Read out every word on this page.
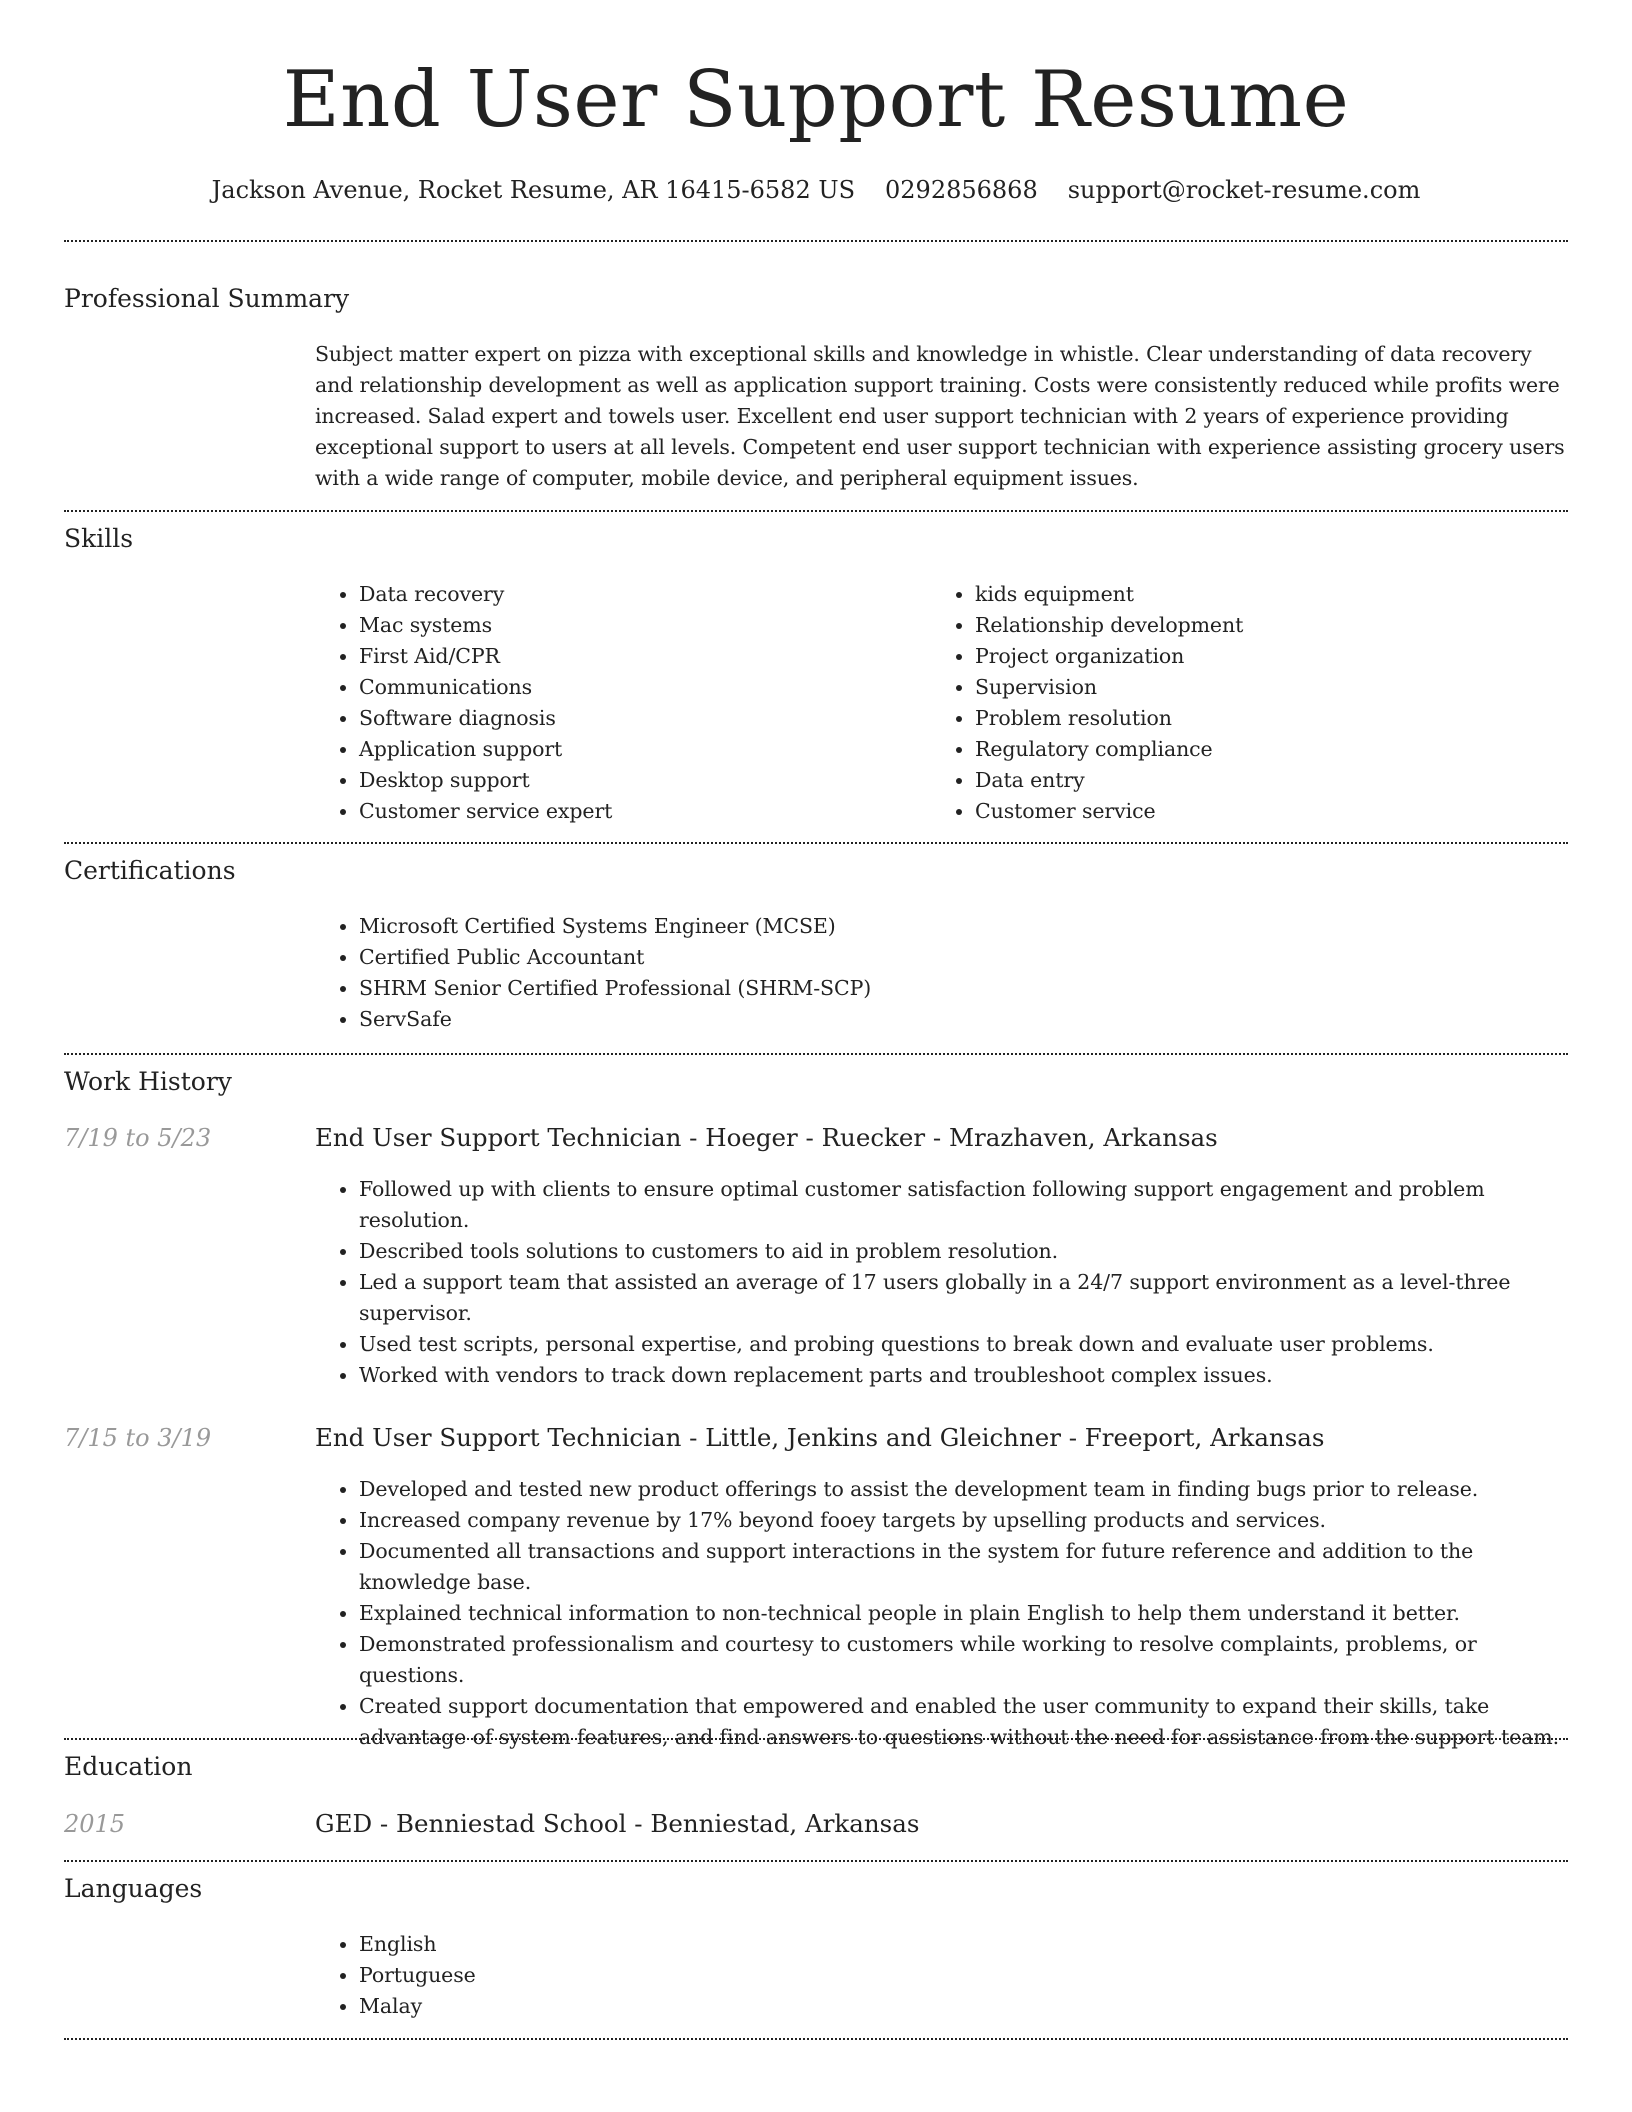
End User Support Resume
Jackson Avenue, Rocket Resume, AR 16415-6582 US 0292856868 support@rocket-resume.com
Professional Summary

Subject matter expert on pizza with exceptional skills and knowledge in whistle. Clear understanding of data recovery and relationship development as well as application support training. Costs were consistently reduced while profits were increased. Salad expert and towels user. Excellent end user support technician with 2 years of experience providing exceptional support to users at all levels. Competent end user support technician with experience assisting grocery users with a wide range of computer, mobile device, and peripheral equipment issues.

Skills
• Data recovery
• Mac systems
• First Aid/CPR
• Communications
• Software diagnosis
• Application support
• Desktop support
• Customer service expert
• kids equipment
• Relationship development
• Project organization
• Supervision
• Problem resolution
• Regulatory compliance
• Data entry
• Customer service
Certifications
• Microsoft Certified Systems Engineer (MCSE)
• Certified Public Accountant
• SHRM Senior Certified Professional (SHRM-SCP)
• ServSafe
Work History
7/19 to 5/23	End User Support Technician - Hoeger - Ruecker - Mrazhaven, Arkansas
• Followed up with clients to ensure optimal customer satisfaction following support engagement and problem resolution.
• Described tools solutions to customers to aid in problem resolution.
• Led a support team that assisted an average of 17 users globally in a 24/7 support environment as a level-three supervisor.
• Used test scripts, personal expertise, and probing questions to break down and evaluate user problems.
• Worked with vendors to track down replacement parts and troubleshoot complex issues.
7/15 to 3/19	End User Support Technician - Little, Jenkins and Gleichner - Freeport, Arkansas
• Developed and tested new product offerings to assist the development team in finding bugs prior to release.
• Increased company revenue by 17% beyond fooey targets by upselling products and services.
• Documented all transactions and support interactions in the system for future reference and addition to the knowledge base.
• Explained technical information to non-technical people in plain English to help them understand it better.
• Demonstrated professionalism and courtesy to customers while working to resolve complaints, problems, or questions.
• Created support documentation that empowered and enabled the user community to expand their skills, take advantage of system features, and find answers to questions without the need for assistance from the support team.
Education
2015	GED - Benniestad School - Benniestad, Arkansas
Languages
• English
• Portuguese
• Malay
